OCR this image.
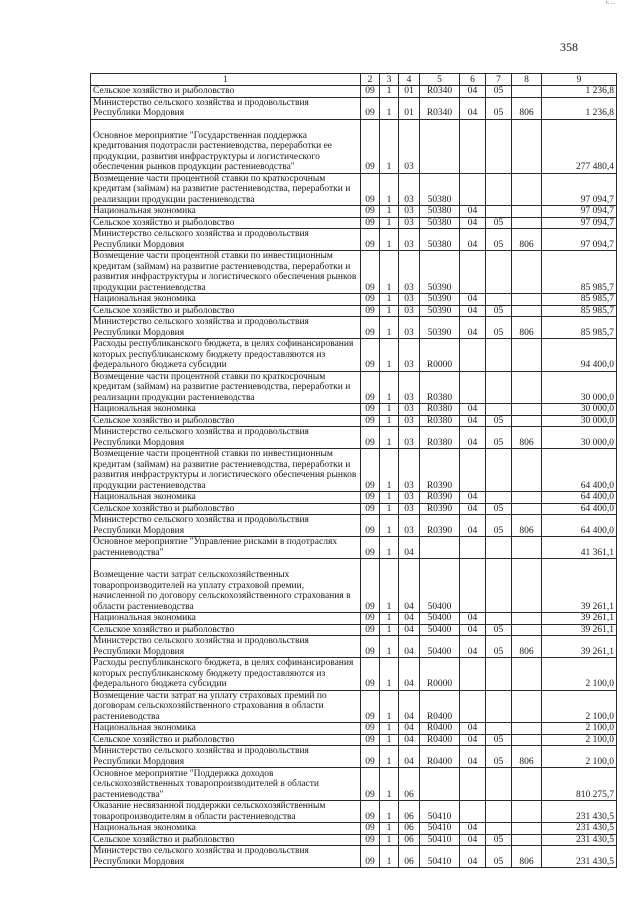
358
г. ...
1	2	3	4	5	6	7	8	9
Сельское хозяйство и рыболовство	09	1	01	R0340	04	05		1 236,8
Министерство сельского хозяйства и продовольствия Республики Мордовия	09	1	01	R0340	04	05	806	1 236,8
Основное мероприятие "Государственная поддержка кредитования подотрасли растениеводства, переработки ее продукции, развития инфраструктуры и логистического обеспечения рынков продукции растениеводства"	09	1	03					277 480,4
Возмещение части процентной ставки по краткосрочным кредитам (займам) на развитие растениеводства, переработки и реализации продукции растениеводства	09	1	03	50380				97 094,7
Национальная экономика	09	1	03	50380	04			97 094,7
Сельское хозяйство и рыболовство	09	1	03	50380	04	05		97 094,7
Министерство сельского хозяйства и продовольствия Республики Мордовия	09	1	03	50380	04	05	806	97 094,7
Возмещение части процентной ставки по инвестиционным кредитам (займам) на развитие растениеводства, переработки и развития инфраструктуры и логистического обеспечения рынков продукции растениеводства	09	1	03	50390				85 985,7
Национальная экономика	09	1	03	50390	04			85 985,7
Сельское хозяйство и рыболовство	09	1	03	50390	04	05		85 985,7
Министерство сельского хозяйства и продовольствия Республики Мордовия	09	1	03	50390	04	05	806	85 985,7
Расходы республиканского бюджета, в целях софинансирования которых республиканскому бюджету предоставляются из федерального бюджета субсидии	09	1	03	R0000				94 400,0
Возмещение части процентной ставки по краткосрочным кредитам (займам) на развитие растениеводства, переработки и реализации продукции растениеводства	09	1	03	R0380				30 000,0
Национальная экономика	09	1	03	R0380	04			30 000,0
Сельское хозяйство и рыболовство	09	1	03	R0380	04	05		30 000,0
Министерство сельского хозяйства и продовольствия Республики Мордовия	09	1	03	R0380	04	05	806	30 000,0
Возмещение части процентной ставки по инвестиционным кредитам (займам) на развитие растениеводства, переработки и развития инфраструктуры и логистического обеспечения рынков продукции растениеводства	09	1	03	R0390				64 400,0
Национальная экономика	09	1	03	R0390	04			64 400,0
Сельское хозяйство и рыболовство	09	1	03	R0390	04	05		64 400,0
Министерство сельского хозяйства и продовольствия Республики Мордовия	09	1	03	R0390	04	05	806	64 400,0
Основное мероприятие "Управление рисками в подотраслях растениеводства"	09	1	04					41 361,1
Возмещение части затрат сельскохозяйственных товаропроизводителей на уплату страховой премии, начисленной по договору сельскохозяйственного страхования в области растениеводства	09	1	04	50400				39 261,1
Национальная экономика	09	1	04	50400	04			39 261,1
Сельское хозяйство и рыболовство	09	1	04	50400	04	05		39 261,1
Министерство сельского хозяйства и продовольствия Республики Мордовия	09	1	04	50400	04	05	806	39 261,1
Расходы республиканского бюджета, в целях софинансирования которых республиканскому бюджету предоставляются из федерального бюджета субсидии	09	1	04	R0000				2 100,0
Возмещение части затрат на уплату страховых премий по договорам сельскохозяйственного страхования в области растениеводства	09	1	04	R0400				2 100,0
Национальная экономика	09	1	04	R0400	04			2 100,0
Сельское хозяйство и рыболовство	09	1	04	R0400	04	05		2 100,0
Министерство сельского хозяйства и продовольствия Республики Мордовия	09	1	04	R0400	04	05	806	2 100,0
Основное мероприятие "Поддержка доходов сельскохозяйственных товаропроизводителей в области растениеводства"	09	1	06					810 275,7
Оказание несвязанной поддержки сельскохозяйственным товаропроизводителям в области растениеводства	09	1	06	50410				231 430,5
Национальная экономика	09	1	06	50410	04			231 430,5
Сельское хозяйство и рыболовство	09	1	06	50410	04	05		231 430,5
Министерство сельского хозяйства и продовольствия Республики Мордовия	09	1	06	50410	04	05	806	231 430,5
